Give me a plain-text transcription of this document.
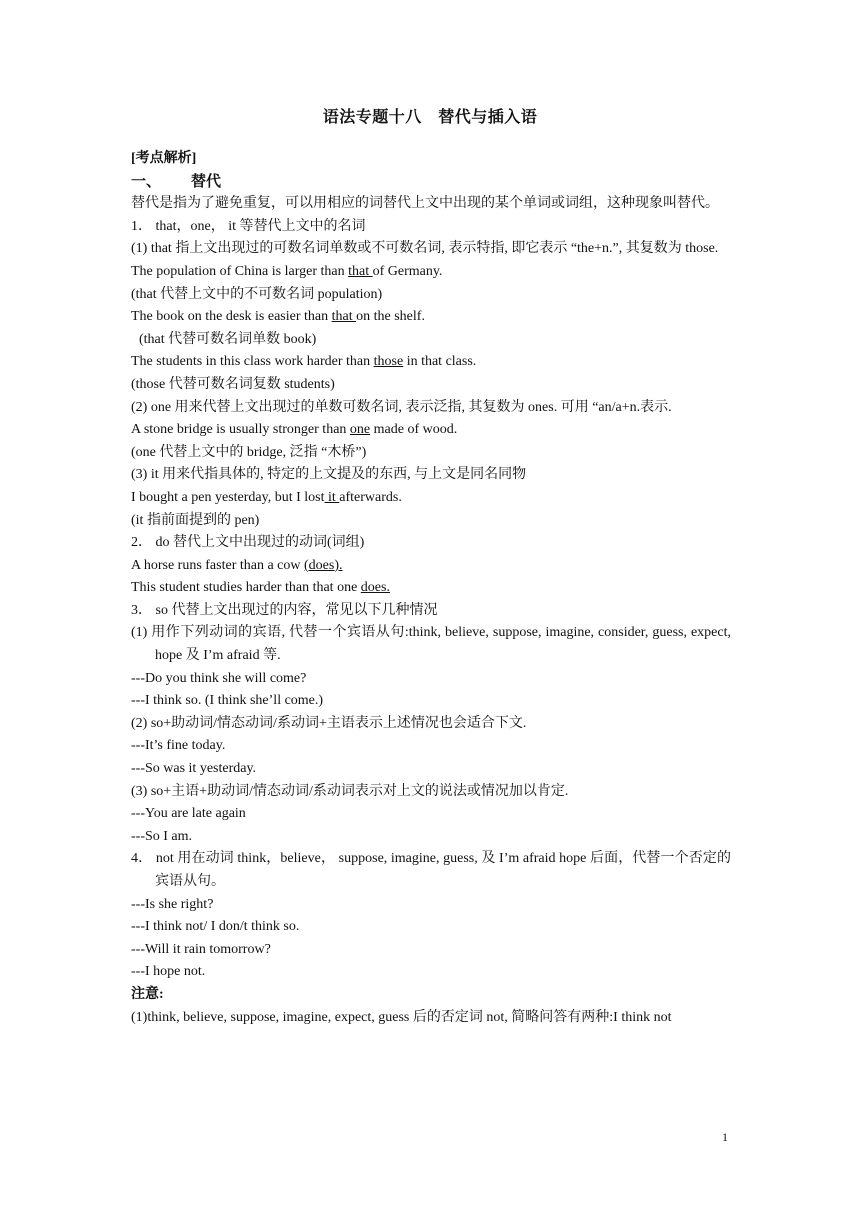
语法专题十八　替代与插入语
[考点解析]
一、 替代
替代是指为了避免重复，可以用相应的词替代上文中出现的某个单词或词组，这种现象叫替代。
1． that，one， it 等替代上文中的名词
(1) that 指上文出现过的可数名词单数或不可数名词, 表示特指, 即它表示 “the+n.”, 其复数为 those.
The population of China is larger than that of Germany.
(that 代替上文中的不可数名词 population)
The book on the desk is easier than that on the shelf.
(that 代替可数名词单数 book)
The students in this class work harder than those in that class.
(those 代替可数名词复数 students)
(2) one 用来代替上文出现过的单数可数名词, 表示泛指, 其复数为 ones. 可用 “an/a+n.表示.
A stone bridge is usually stronger than one made of wood.
(one 代替上文中的 bridge, 泛指 “木桥”)
(3) it 用来代指具体的, 特定的上文提及的东西, 与上文是同名同物
I bought a pen yesterday, but I lost it afterwards.
(it 指前面提到的 pen)
2． do 替代上文中出现过的动词(词组)
A horse runs faster than a cow (does).
This student studies harder than that one does.
3． so 代替上文出现过的内容，常见以下几种情况
(1) 用作下列动词的宾语, 代替一个宾语从句:think, believe, suppose, imagine, consider, guess, expect, hope 及 I’m afraid 等.
---Do you think she will come?
---I think so. (I think she’ll come.)
(2) so+助动词/情态动词/系动词+主语表示上述情况也会适合下文.
---It’s fine today.
---So was it yesterday.
(3) so+主语+助动词/情态动词/系动词表示对上文的说法或情况加以肯定.
---You are late again
---So I am.
4． not 用在动词 think，believe， suppose, imagine, guess, 及 I’m afraid hope 后面，代替一个否定的宾语从句。
---Is she right?
---I think not/ I don/t think so.
---Will it rain tomorrow?
---I hope not.
注意:
(1)think, believe, suppose, imagine, expect, guess 后的否定词 not, 简略问答有两种:I think not
1
